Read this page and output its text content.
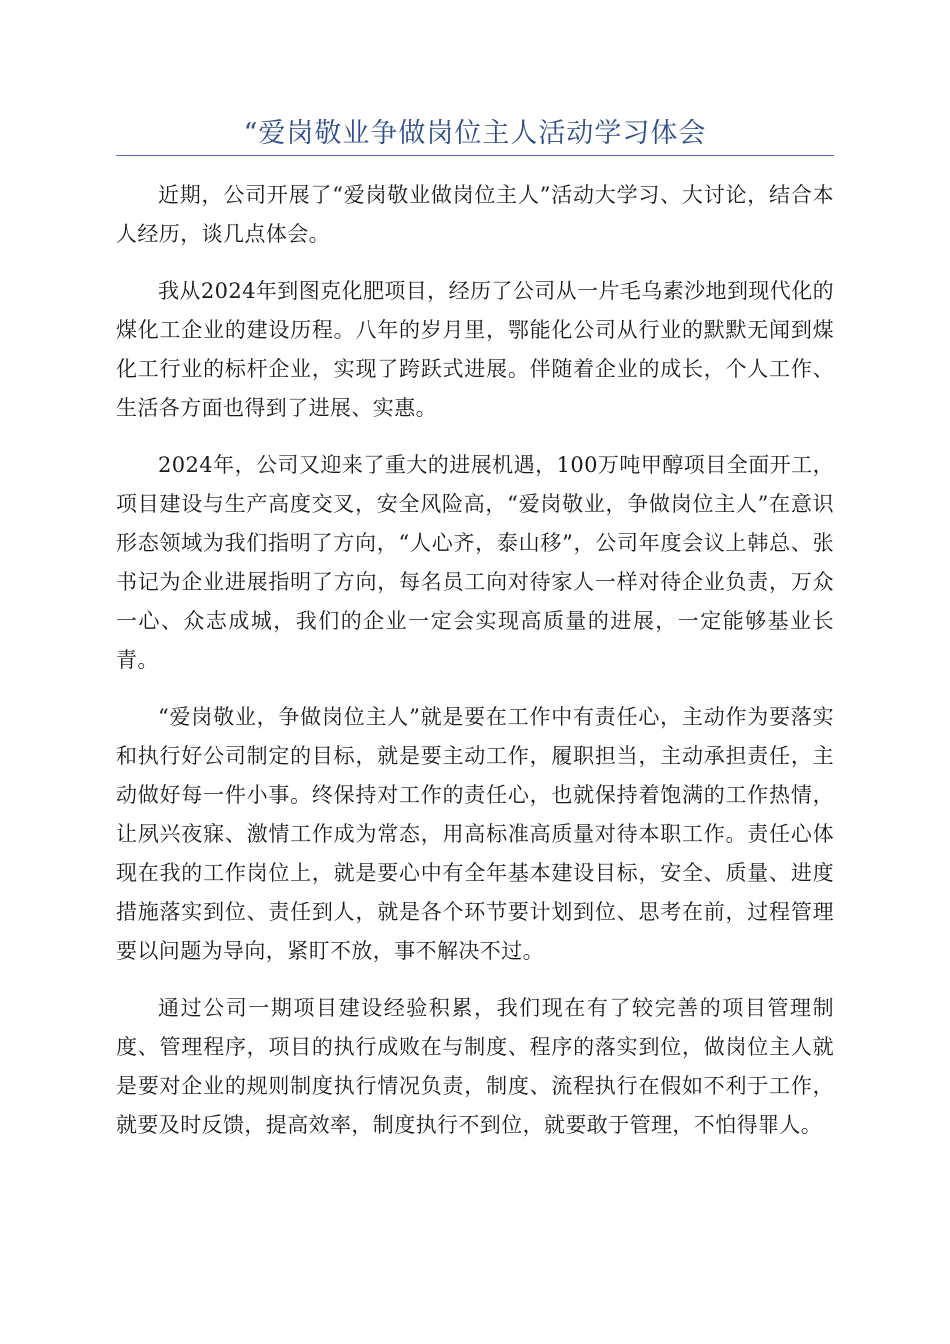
“爱岗敬业争做岗位主人活动学习体会

近期，公司开展了“爱岗敬业做岗位主人”活动大学习、大讨论，结合本人经历，谈几点体会。

我从2024年到图克化肥项目，经历了公司从一片毛乌素沙地到现代化的煤化工企业的建设历程。八年的岁月里，鄂能化公司从行业的默默无闻到煤化工行业的标杆企业，实现了跨跃式进展。伴随着企业的成长，个人工作、生活各方面也得到了进展、实惠。

2024年，公司又迎来了重大的进展机遇，100万吨甲醇项目全面开工，项目建设与生产高度交叉，安全风险高，“爱岗敬业，争做岗位主人”在意识形态领域为我们指明了方向，“人心齐，泰山移”，公司年度会议上韩总、张书记为企业进展指明了方向，每名员工向对待家人一样对待企业负责，万众一心、众志成城，我们的企业一定会实现高质量的进展，一定能够基业长青。

“爱岗敬业，争做岗位主人”就是要在工作中有责任心，主动作为要落实和执行好公司制定的目标，就是要主动工作，履职担当，主动承担责任，主动做好每一件小事。终保持对工作的责任心，也就保持着饱满的工作热情，让夙兴夜寐、激情工作成为常态，用高标准高质量对待本职工作。责任心体现在我的工作岗位上，就是要心中有全年基本建设目标，安全、质量、进度措施落实到位、责任到人，就是各个环节要计划到位、思考在前，过程管理要以问题为导向，紧盯不放，事不解决不过。

通过公司一期项目建设经验积累，我们现在有了较完善的项目管理制度、管理程序，项目的执行成败在与制度、程序的落实到位，做岗位主人就是要对企业的规则制度执行情况负责，制度、流程执行在假如不利于工作，就要及时反馈，提高效率，制度执行不到位，就要敢于管理，不怕得罪人。
